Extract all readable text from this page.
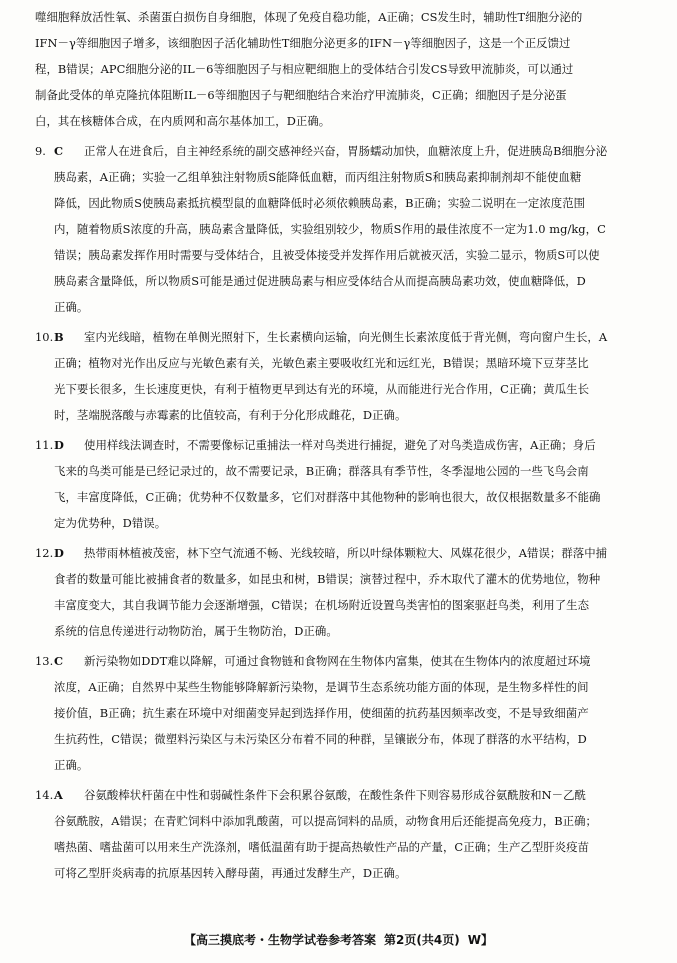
噬细胞释放活性氧、杀菌蛋白损伤自身细胞，体现了免疫自稳功能，A正确；CS发生时，辅助性T细胞分泌的
IFN－γ等细胞因子增多，该细胞因子活化辅助性T细胞分泌更多的IFN－γ等细胞因子，这是一个正反馈过
程，B错误；APC细胞分泌的IL－6等细胞因子与相应靶细胞上的受体结合引发CS导致甲流肺炎，可以通过
制备此受体的单克隆抗体阻断IL－6等细胞因子与靶细胞结合来治疗甲流肺炎，C正确；细胞因子是分泌蛋
白，其在核糖体合成，在内质网和高尔基体加工，D正确。
9. C 正常人在进食后，自主神经系统的副交感神经兴奋，胃肠蠕动加快，血糖浓度上升，促进胰岛B细胞分泌
胰岛素，A正确；实验一乙组单独注射物质S能降低血糖，而丙组注射物质S和胰岛素抑制剂却不能使血糖
降低，因此物质S使胰岛素抵抗模型鼠的血糖降低时必须依赖胰岛素，B正确；实验二说明在一定浓度范围
内，随着物质S浓度的升高，胰岛素含量降低，实验组别较少，物质S作用的最佳浓度不一定为1.0 mg/kg，C
错误；胰岛素发挥作用时需要与受体结合，且被受体接受并发挥作用后就被灭活，实验二显示，物质S可以使
胰岛素含量降低，所以物质S可能是通过促进胰岛素与相应受体结合从而提高胰岛素功效，使血糖降低，D
正确。
10.B 室内光线暗，植物在单侧光照射下，生长素横向运输，向光侧生长素浓度低于背光侧，弯向窗户生长，A
正确；植物对光作出反应与光敏色素有关，光敏色素主要吸收红光和远红光，B错误；黑暗环境下豆芽茎比
光下要长很多，生长速度更快，有利于植物更早到达有光的环境，从而能进行光合作用，C正确；黄瓜生长
时，茎端脱落酸与赤霉素的比值较高，有利于分化形成雌花，D正确。
11.D 使用样线法调查时，不需要像标记重捕法一样对鸟类进行捕捉，避免了对鸟类造成伤害，A正确；身后
飞来的鸟类可能是已经记录过的，故不需要记录，B正确；群落具有季节性，冬季湿地公园的一些飞鸟会南
飞，丰富度降低，C正确；优势种不仅数量多，它们对群落中其他物种的影响也很大，故仅根据数量多不能确
定为优势种，D错误。
12.D 热带雨林植被茂密，林下空气流通不畅、光线较暗，所以叶绿体颗粒大、风媒花很少，A错误；群落中捕
食者的数量可能比被捕食者的数量多，如昆虫和树，B错误；演替过程中，乔木取代了灌木的优势地位，物种
丰富度变大，其自我调节能力会逐渐增强，C错误；在机场附近设置鸟类害怕的图案驱赶鸟类，利用了生态
系统的信息传递进行动物防治，属于生物防治，D正确。
13.C 新污染物如DDT难以降解，可通过食物链和食物网在生物体内富集，使其在生物体内的浓度超过环境
浓度，A正确；自然界中某些生物能够降解新污染物，是调节生态系统功能方面的体现，是生物多样性的间
接价值，B正确；抗生素在环境中对细菌变异起到选择作用，使细菌的抗药基因频率改变，不是导致细菌产
生抗药性，C错误；微塑料污染区与未污染区分布着不同的种群，呈镶嵌分布，体现了群落的水平结构，D
正确。
14.A 谷氨酸棒状杆菌在中性和弱碱性条件下会积累谷氨酸，在酸性条件下则容易形成谷氨酰胺和N－乙酰
谷氨酰胺，A错误；在青贮饲料中添加乳酸菌，可以提高饲料的品质，动物食用后还能提高免疫力，B正确；
嗜热菌、嗜盐菌可以用来生产洗涤剂，嗜低温菌有助于提高热敏性产品的产量，C正确；生产乙型肝炎疫苗
可将乙型肝炎病毒的抗原基因转入酵母菌，再通过发酵生产，D正确。
【高三摸底考・生物学试卷参考答案 第2页(共4页) W】
